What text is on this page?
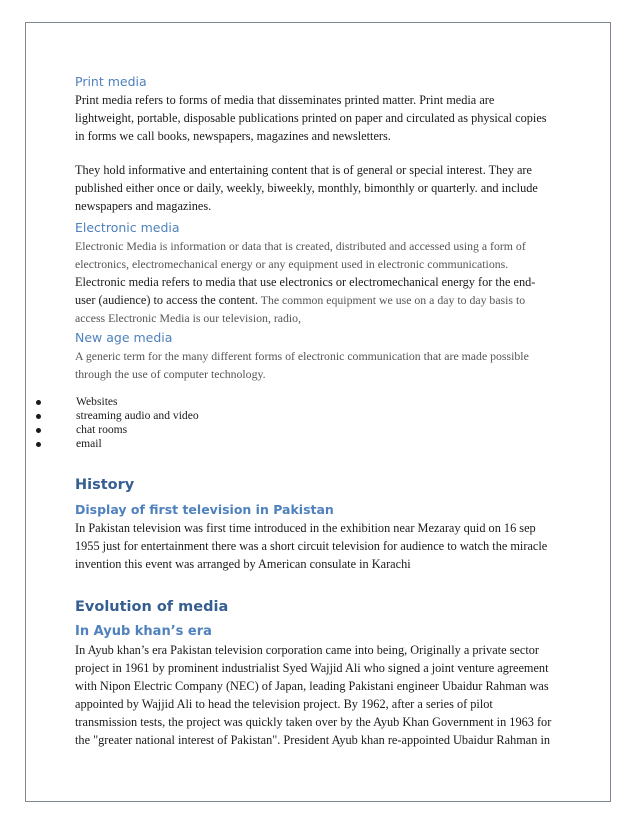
Print media

Print media refers to forms of media that disseminates printed matter. Print media are

lightweight, portable, disposable publications printed on paper and circulated as physical copies

in forms we call books, newspapers, magazines and newsletters.

They hold informative and entertaining content that is of general or special interest. They are

published either once or daily, weekly, biweekly, monthly, bimonthly or quarterly. and include

newspapers and magazines.

Electronic media

Electronic Media is information or data that is created, distributed and accessed using a form of

electronics, electromechanical energy or any equipment used in electronic communications.

Electronic media refers to media that use electronics or electromechanical energy for the end-

user (audience) to access the content. The common equipment we use on a day to day basis to

access Electronic Media is our television, radio,

New age media

A generic term for the many different forms of electronic communication that are made possible

through the use of computer technology.

History
Display of first television in Pakistan

In Pakistan television was first time introduced in the exhibition near Mezaray quid on 16 sep

1955 just for entertainment there was a short circuit television for audience to watch the miracle

invention this event was arranged by American consulate in Karachi

Evolution of media
In Ayub khan’s era

In Ayub khan’s era Pakistan television corporation came into being, Originally a private sector

project in 1961 by prominent industrialist Syed Wajjid Ali who signed a joint venture agreement

with Nipon Electric Company (NEC) of Japan, leading Pakistani engineer Ubaidur Rahman was

appointed by Wajjid Ali to head the television project. By 1962, after a series of pilot

transmission tests, the project was quickly taken over by the Ayub Khan Government in 1963 for

the "greater national interest of Pakistan". President Ayub khan re-appointed Ubaidur Rahman in

Websites
streaming audio and video
chat rooms
email
